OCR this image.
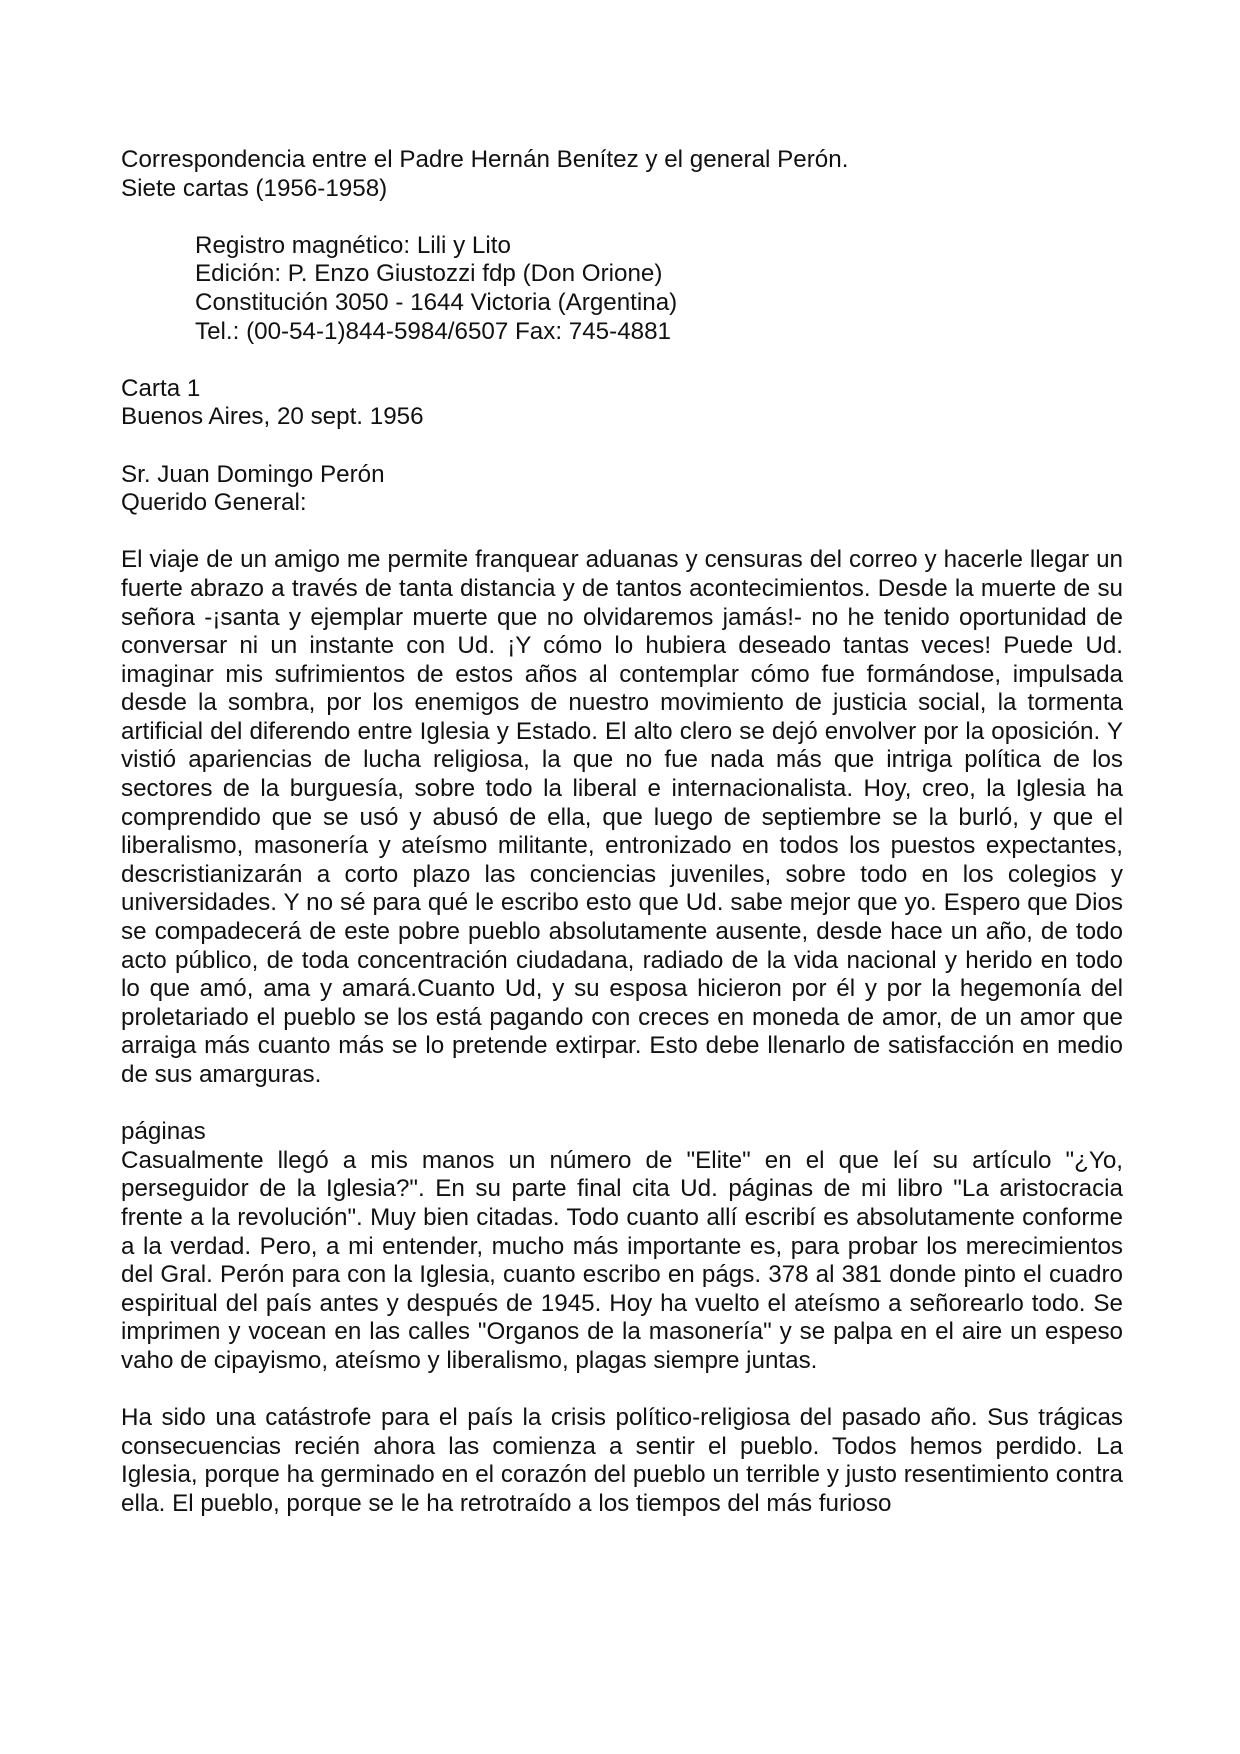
Correspondencia entre el Padre Hernán Benítez y el general Perón.
Siete cartas (1956-1958)
Registro magnético: Lili y Lito
Edición: P. Enzo Giustozzi fdp (Don Orione)
Constitución 3050 - 1644 Victoria (Argentina)
Tel.: (00-54-1)844-5984/6507 Fax: 745-4881
Carta 1
Buenos Aires, 20 sept. 1956
Sr. Juan Domingo Perón
Querido General:

El viaje de un amigo me permite franquear aduanas y censuras del correo y hacerle llegar un fuerte abrazo a través de tanta distancia y de tantos acontecimientos. Desde la muerte de su señora -¡santa y ejemplar muerte que no olvidaremos jamás!- no he tenido oportunidad de conversar ni un instante con Ud. ¡Y cómo lo hubiera deseado tantas veces! Puede Ud. imaginar mis sufrimientos de estos años al contemplar cómo fue formándose, impulsada desde la sombra, por los enemigos de nuestro movimiento de justicia social, la tormenta artificial del diferendo entre Iglesia y Estado. El alto clero se dejó envolver por la oposición. Y vistió apariencias de lucha religiosa, la que no fue nada más que intriga política de los sectores de la burguesía, sobre todo la liberal e internacionalista. Hoy, creo, la Iglesia ha comprendido que se usó y abusó de ella, que luego de septiembre se la burló, y que el liberalismo, masonería y ateísmo militante, entronizado en todos los puestos expectantes, descristianizarán a corto plazo las conciencias juveniles, sobre todo en los colegios y universidades. Y no sé para qué le escribo esto que Ud. sabe mejor que yo. Espero que Dios se compadecerá de este pobre pueblo absolutamente ausente, desde hace un año, de todo acto público, de toda concentración ciudadana, radiado de la vida nacional y herido en todo lo que amó, ama y amará.Cuanto Ud, y su esposa hicieron por él y por la hegemonía del proletariado el pueblo se los está pagando con creces en moneda de amor, de un amor que arraiga más cuanto más se lo pretende extirpar. Esto debe llenarlo de satisfacción en medio de sus amarguras.

páginas

Casualmente llegó a mis manos un número de "Elite" en el que leí su artículo "¿Yo, perseguidor de la Iglesia?". En su parte final cita Ud. páginas de mi libro "La aristocracia frente a la revolución". Muy bien citadas. Todo cuanto allí escribí es absolutamente conforme a la verdad. Pero, a mi entender, mucho más importante es, para probar los merecimientos del Gral. Perón para con la Iglesia, cuanto escribo en págs. 378 al 381 donde pinto el cuadro espiritual del país antes y después de 1945. Hoy ha vuelto el ateísmo a señorearlo todo. Se imprimen y vocean en las calles "Organos de la masonería" y se palpa en el aire un espeso vaho de cipayismo, ateísmo y liberalismo, plagas siempre juntas.

Ha sido una catástrofe para el país la crisis político-religiosa del pasado año. Sus trágicas consecuencias recién ahora las comienza a sentir el pueblo. Todos hemos perdido. La Iglesia, porque ha germinado en el corazón del pueblo un terrible y justo resentimiento contra ella. El pueblo, porque se le ha retrotraído a los tiempos del más furioso
